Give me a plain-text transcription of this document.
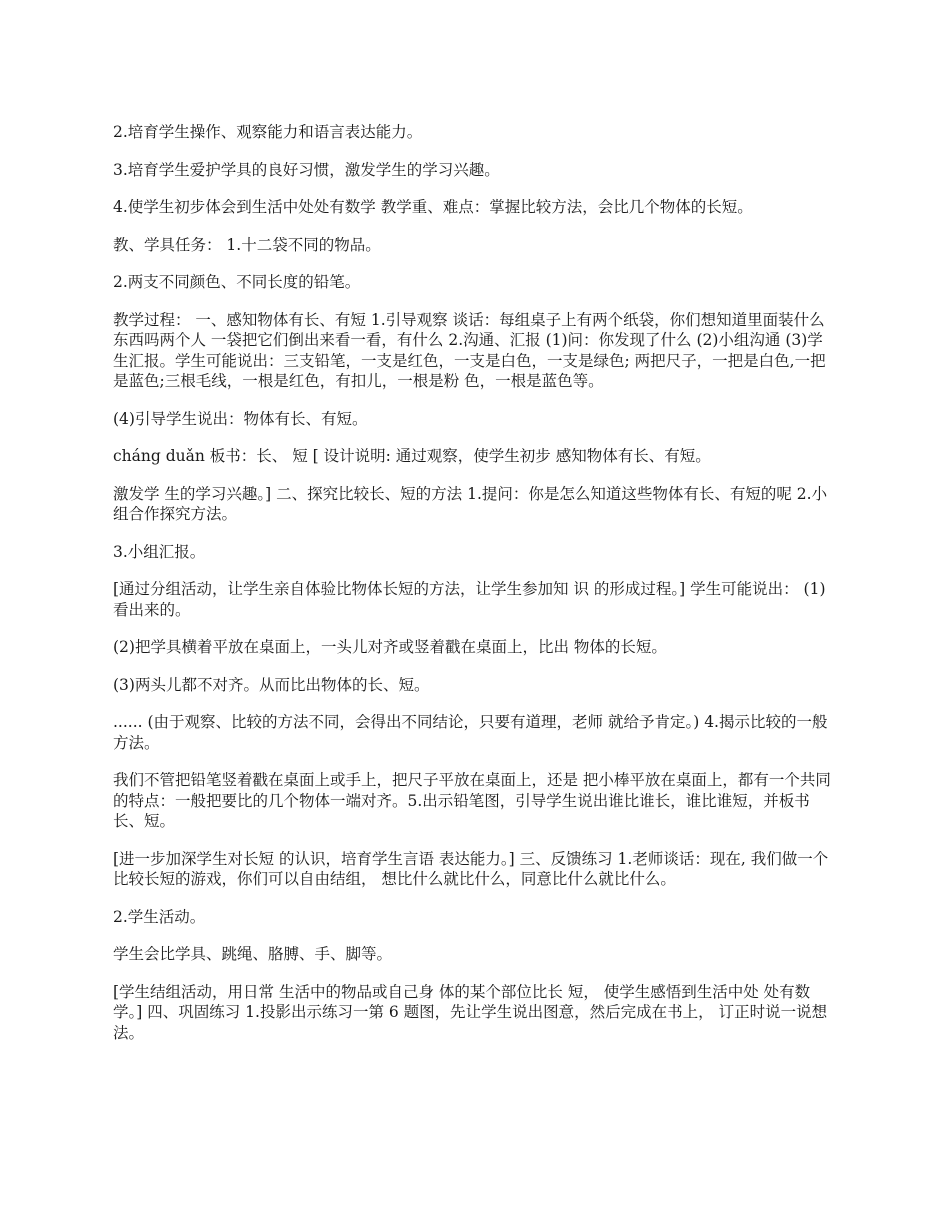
2.培育学生操作、观察能力和语言表达能力。

3.培育学生爱护学具的良好习惯，激发学生的学习兴趣。

4.使学生初步体会到生活中处处有数学 教学重、难点：掌握比较方法，会比几个物体的长短。

教、学具任务： 1.十二袋不同的物品。

2.两支不同颜色、不同长度的铅笔。

教学过程： 一、感知物体有长、有短 1.引导观察 谈话：每组桌子上有两个纸袋，你们想知道里面装什么东西吗两个人 一袋把它们倒出来看一看，有什么 2.沟通、汇报 (1)问：你发现了什么 (2)小组沟通 (3)学生汇报。学生可能说出：三支铅笔，一支是红色，一支是白色，一支是绿色; 两把尺子，一把是白色,一把是蓝色;三根毛线，一根是红色，有扣儿，一根是粉 色，一根是蓝色等。

(4)引导学生说出：物体有长、有短。

cháng duǎn 板书：长、 短 [ 设计说明: 通过观察，使学生初步 感知物体有长、有短。

激发学 生的学习兴趣。] 二、探究比较长、短的方法 1.提问：你是怎么知道这些物体有长、有短的呢 2.小组合作探究方法。

3.小组汇报。

[通过分组活动，让学生亲自体验比物体长短的方法，让学生参加知 识 的形成过程。] 学生可能说出： (1)看出来的。

(2)把学具横着平放在桌面上，一头儿对齐或竖着戳在桌面上，比出 物体的长短。

(3)两头儿都不对齐。从而比出物体的长、短。

...... (由于观察、比较的方法不同，会得出不同结论，只要有道理，老师 就给予肯定。) 4.揭示比较的一般方法。

我们不管把铅笔竖着戳在桌面上或手上，把尺子平放在桌面上，还是 把小棒平放在桌面上，都有一个共同的特点：一般把要比的几个物体一端对齐。5.出示铅笔图，引导学生说出谁比谁长，谁比谁短，并板书长、短。

[进一步加深学生对长短 的认识，培育学生言语 表达能力。] 三、反馈练习 1.老师谈话：现在, 我们做一个比较长短的游戏，你们可以自由结组， 想比什么就比什么，同意比什么就比什么。

2.学生活动。

学生会比学具、跳绳、胳膊、手、脚等。

[学生结组活动，用日常 生活中的物品或自己身 体的某个部位比长 短， 使学生感悟到生活中处 处有数学。] 四、巩固练习 1.投影出示练习一第 6 题图，先让学生说出图意，然后完成在书上， 订正时说一说想法。
